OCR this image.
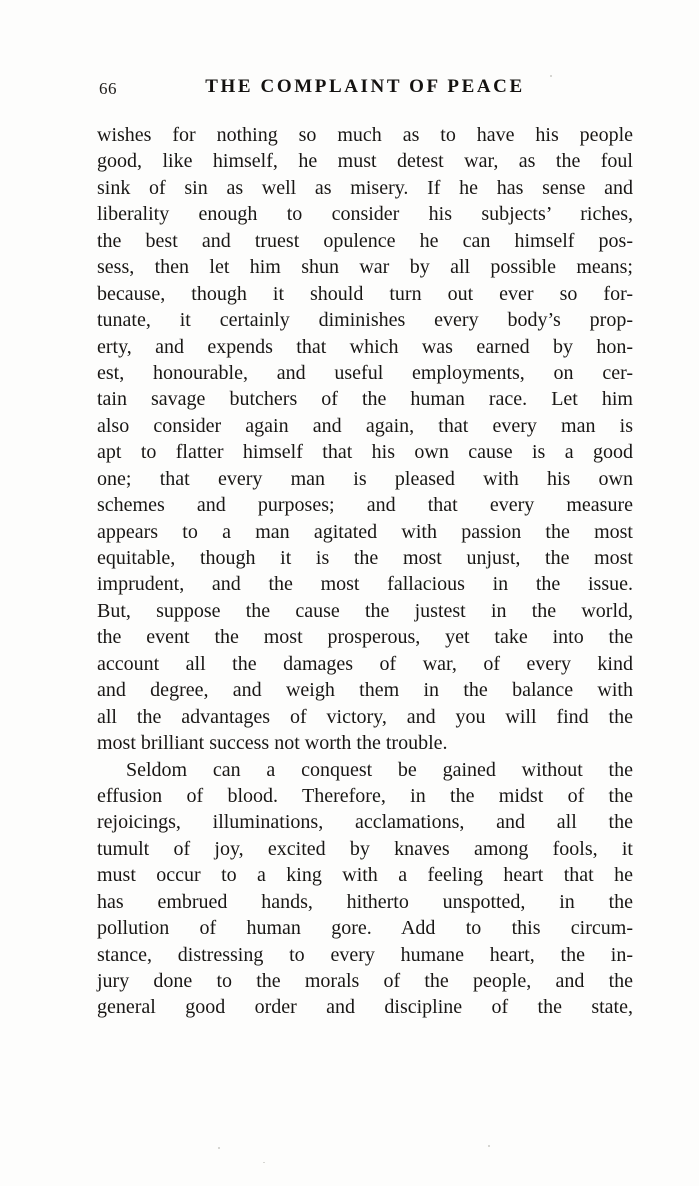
66	THE COMPLAINT OF PEACE
wishes for nothing so much as to have his people
good, like himself, he must detest war, as the foul
sink of sin as well as misery. If he has sense and
liberality enough to consider his subjects’ riches,
the best and truest opulence he can himself pos-
sess, then let him shun war by all possible means;
because, though it should turn out ever so for-
tunate, it certainly diminishes every body’s prop-
erty, and expends that which was earned by hon-
est, honourable, and useful employments, on cer-
tain savage butchers of the human race. Let him
also consider again and again, that every man is
apt to flatter himself that his own cause is a good
one; that every man is pleased with his own
schemes and purposes; and that every measure
appears to a man agitated with passion the most
equitable, though it is the most unjust, the most
imprudent, and the most fallacious in the issue.
But, suppose the cause the justest in the world,
the event the most prosperous, yet take into the
account all the damages of war, of every kind
and degree, and weigh them in the balance with
all the advantages of victory, and you will find the
most brilliant success not worth the trouble.
Seldom can a conquest be gained without the
effusion of blood. Therefore, in the midst of the
rejoicings, illuminations, acclamations, and all the
tumult of joy, excited by knaves among fools, it
must occur to a king with a feeling heart that he
has embrued hands, hitherto unspotted, in the
pollution of human gore. Add to this circum-
stance, distressing to every humane heart, the in-
jury done to the morals of the people, and the
general good order and discipline of the state,
